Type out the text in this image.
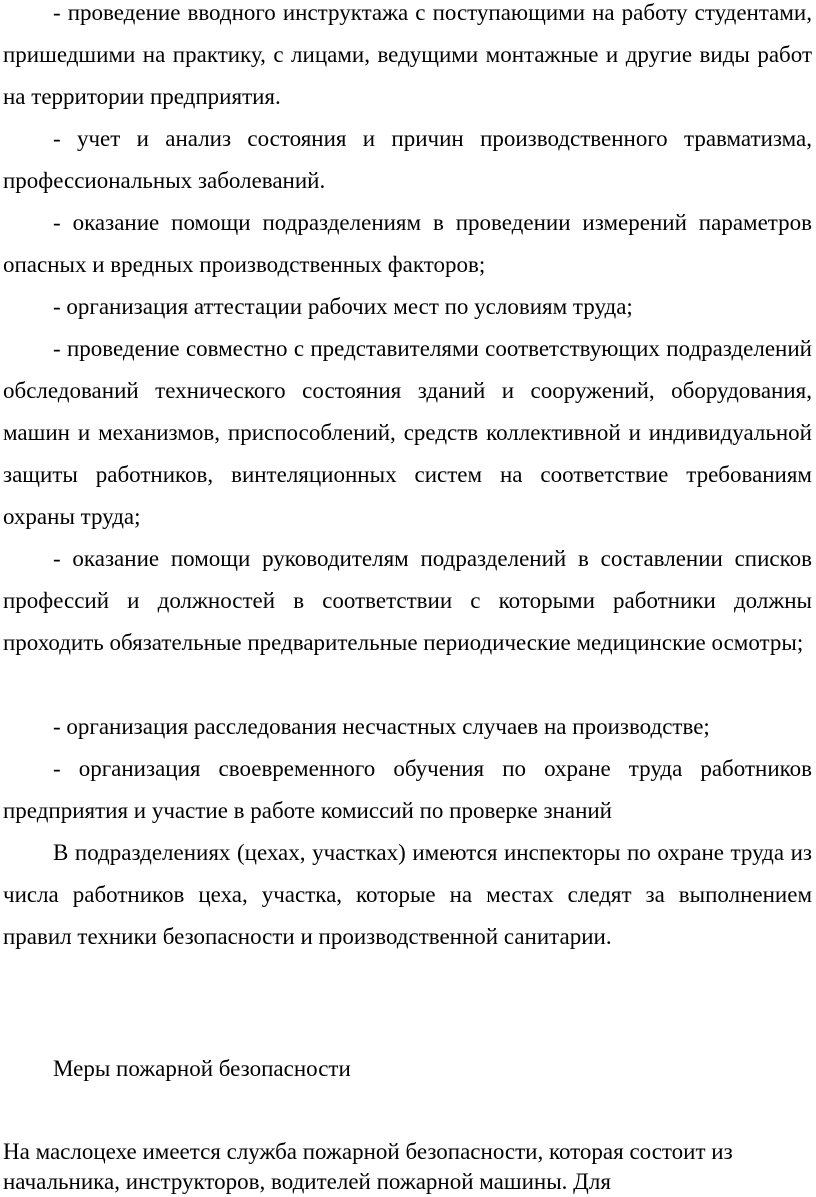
- проведение вводного инструктажа с поступающими на работу студентами, пришедшими на практику, с лицами, ведущими монтажные и другие виды работ на территории предприятия.

- учет и анализ состояния и причин производственного травматизма, профессиональных заболеваний.

- оказание помощи подразделениям в проведении измерений параметров опасных и вредных производственных факторов;

- организация аттестации рабочих мест по условиям труда;

- проведение совместно с представителями соответствующих подразделений обследований технического состояния зданий и сооружений, оборудования, машин и механизмов, приспособлений, средств коллективной и индивидуальной защиты работников, винтеляционных систем на соответствие требованиям охраны труда;

- оказание помощи руководителям подразделений в составлении списков профессий и должностей в соответствии с которыми работники должны проходить обязательные предварительные периодические медицинские осмотры;

- организация расследования несчастных случаев на производстве;

- организация своевременного обучения по охране труда работников предприятия и участие в работе комиссий по проверке знаний

В подразделениях (цехах, участках) имеются инспекторы по охране труда из числа работников цеха, участка, которые на местах следят за выполнением правил техники безопасности и производственной санитарии.

Меры пожарной безопасности

На маслоцехе имеется служба пожарной безопасности, которая состоит из начальника, инструкторов, водителей пожарной машины. Для
